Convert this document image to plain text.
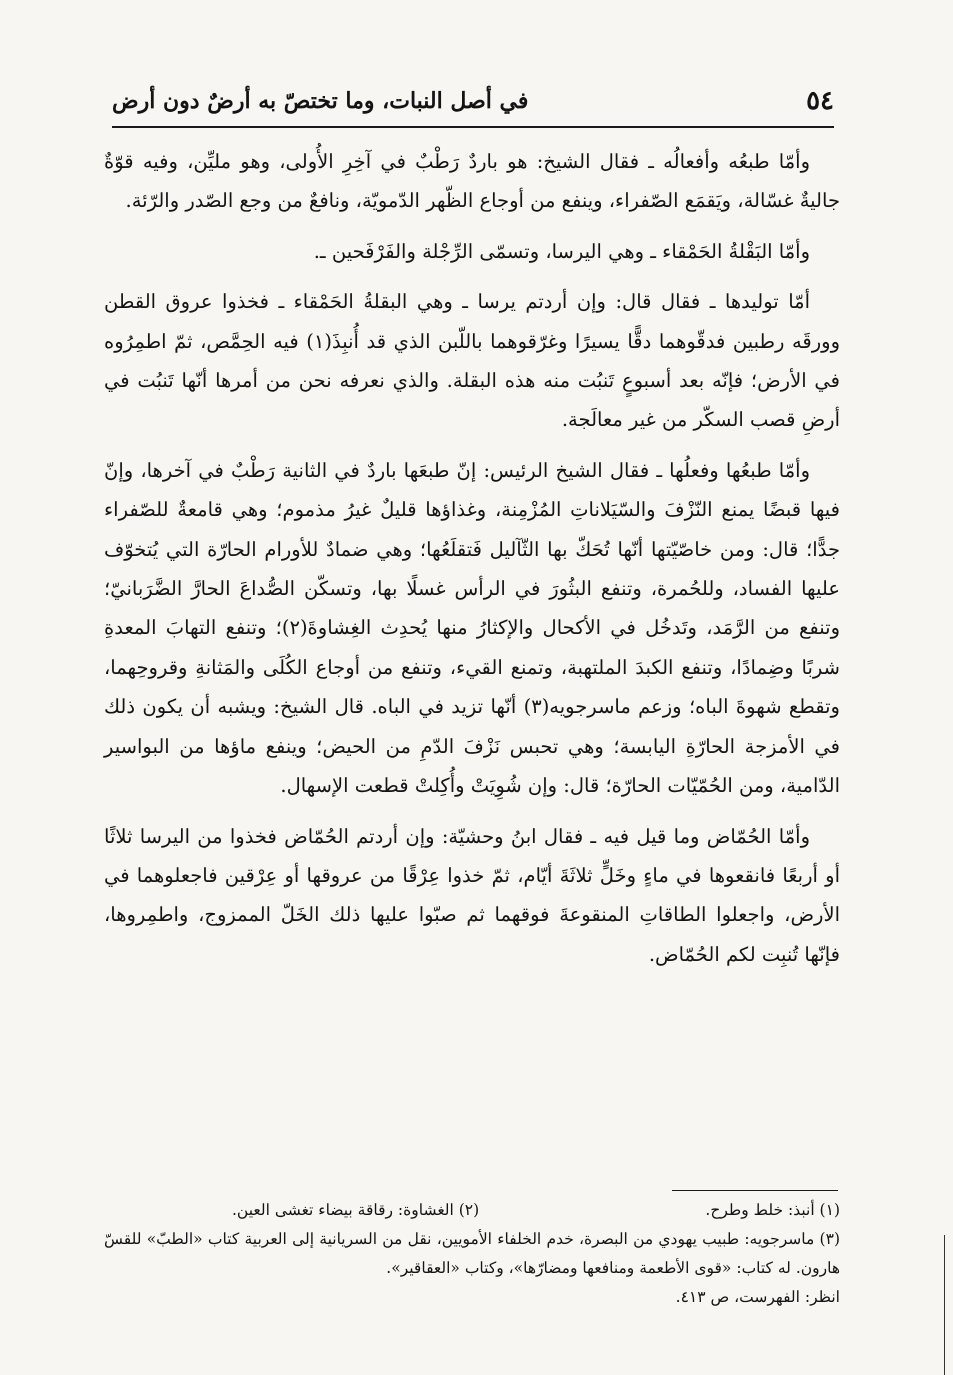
٥٤
في أصل النبات، وما تختصّ به أرضٌ دون أرض

وأمّا طبعُه وأفعالُه ـ فقال الشيخ: هو باردٌ رَطْبٌ في آخِرِ الأُولى، وهو مليِّن، وفيه قوّةٌ جاليةٌ غسّالة، ويَقمَع الصّفراء، وينفع من أوجاع الظّهر الدّمويّة، ونافعٌ من وجع الصّدر والرّئة.

وأمّا البَقْلةُ الحَمْقاء ـ وهي اليرسا، وتسمّى الرِّجْلة والفَرْفَحين ـ.

أمّا توليدها ـ فقال قال: وإن أردتم يرسا ـ وهي البقلةُ الحَمْقاء ـ فخذوا عروق القطن وورقَه رطبين فدقّوهما دقًّا يسيرًا وغرّقوهما باللّبن الذي قد أُنبِذَ(١) فيه الحِمَّص، ثمّ اطمِرُوه في الأرض؛ فإنّه بعد أسبوعٍ تَنبُت منه هذه البقلة. والذي نعرفه نحن من أمرها أنّها تَنبُت في أرضِ قصب السكّر من غير معالَجة.

وأمّا طبعُها وفعلُها ـ فقال الشيخ الرئيس: إنّ طبعَها باردٌ في الثانية رَطْبٌ في آخرها، وإنّ فيها قبضًا يمنع النّزْفَ والسّيَلاناتِ المُزْمِنة، وغذاؤها قليلٌ غيرُ مذموم؛ وهي قامعةٌ للصّفراء جدًّا؛ قال: ومن خاصّيّتها أنّها تُحَكّ بها الثّآليل فَتقلَعُها؛ وهي ضمادٌ للأورام الحارّة التي يُتخوّف عليها الفساد، وللحُمرة، وتنفع البثُورَ في الرأس غسلًا بها، وتسكّن الصُّداعَ الحارَّ الضَّرَبانيّ؛ وتنفع من الرَّمَد، وتَدخُل في الأكحال والإكثارُ منها يُحدِث الغِشاوةَ(٢)؛ وتنفع التهابَ المعدةِ شربًا وضِمادًا، وتنفع الكبدَ الملتهبة، وتمنع القيء، وتنفع من أوجاع الكُلَى والمَثانةِ وقروحِهما، وتقطع شهوةَ الباه؛ وزعم ماسرجويه(٣) أنّها تزيد في الباه. قال الشيخ: ويشبه أن يكون ذلك في الأمزجة الحارّةِ اليابسة؛ وهي تحبس نَزْفَ الدّمِ من الحيض؛ وينفع ماؤها من البواسير الدّامية، ومن الحُمّيّات الحارّة؛ قال: وإن شُوِيَتْ وأُكِلتْ قطعت الإسهال.

وأمّا الحُمّاض وما قيل فيه ـ فقال ابنُ وحشيّة: وإن أردتم الحُمّاض فخذوا من اليرسا ثلاثًا أو أربعًا فانقعوها في ماءٍ وخَلٍّ ثلاثَةَ أيّام، ثمّ خذوا عِرْقًا من عروقها أو عِرْقين فاجعلوهما في الأرض، واجعلوا الطاقاتِ المنقوعةَ فوقهما ثم صبّوا عليها ذلك الخَلّ الممزوج، واطمِروها، فإنّها تُنبِت لكم الحُمّاض.

(١) أنبذ: خلط وطرح.
(٢) الغشاوة: رقاقة بيضاء تغشى العين.
(٣) ماسرجويه: طبيب يهودي من البصرة، خدم الخلفاء الأمويين، نقل من السريانية إلى العربية كتاب «الطبّ» للقسّ هارون. له كتاب: «قوى الأطعمة ومنافعها ومضارّها»، وكتاب «العقاقير».
انظر: الفهرست، ص ٤١٣.
